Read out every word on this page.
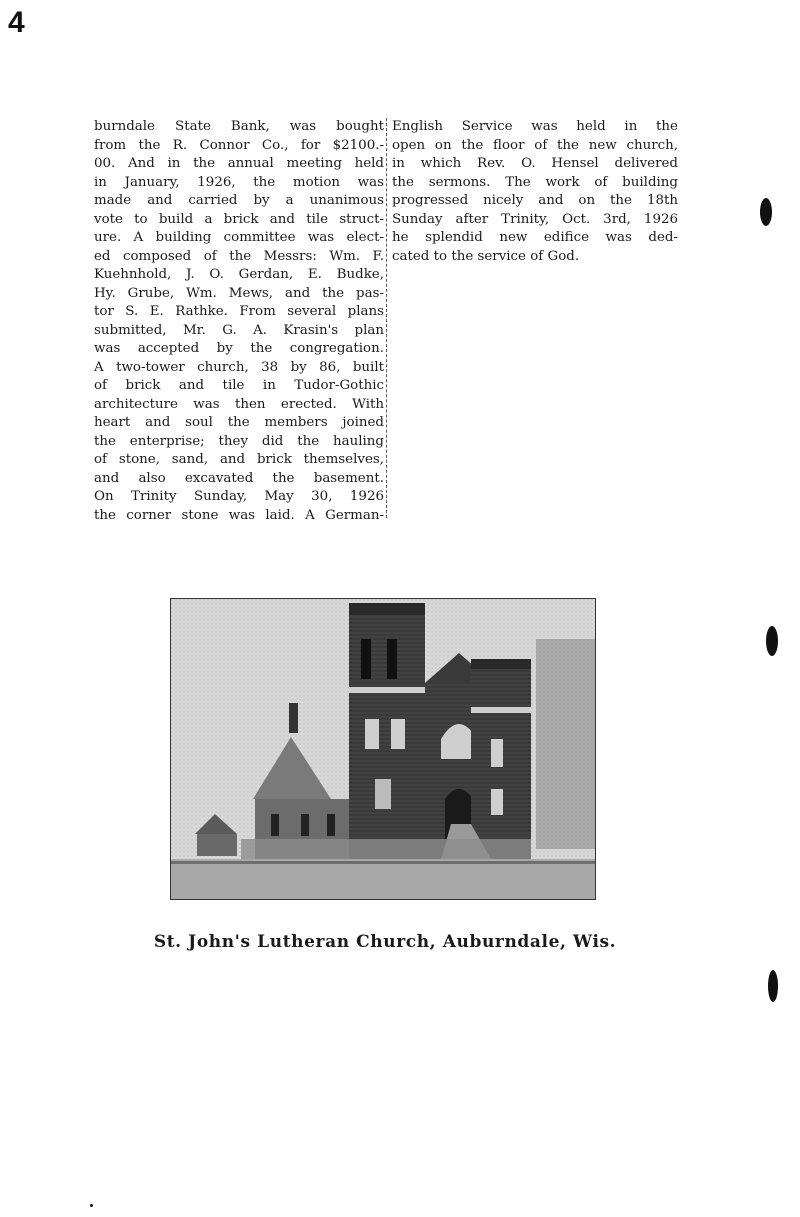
4
burndale State Bank, was bought
from the R. Connor Co., for $2100.-
00. And in the annual meeting held
in January, 1926, the motion was
made and carried by a unanimous
vote to build a brick and tile struct-
ure. A building committee was elect-
ed composed of the Messrs: Wm. F.
Kuehnhold, J. O. Gerdan, E. Budke,
Hy. Grube, Wm. Mews, and the pas-
tor S. E. Rathke. From several plans
submitted, Mr. G. A. Krasin's plan
was accepted by the congregation.
A two-tower church, 38 by 86, built
of brick and tile in Tudor-Gothic
architecture was then erected. With
heart and soul the members joined
the enterprise; they did the hauling
of stone, sand, and brick themselves,
and also excavated the basement.
On Trinity Sunday, May 30, 1926
the corner stone was laid. A German-
English Service was held in the
open on the floor of the new church,
in which Rev. O. Hensel delivered
the sermons. The work of building
progressed nicely and on the 18th
Sunday after Trinity, Oct. 3rd, 1926
he splendid new edifice was ded-
cated to the service of God.
St. John's Lutheran Church, Auburndale, Wis.
